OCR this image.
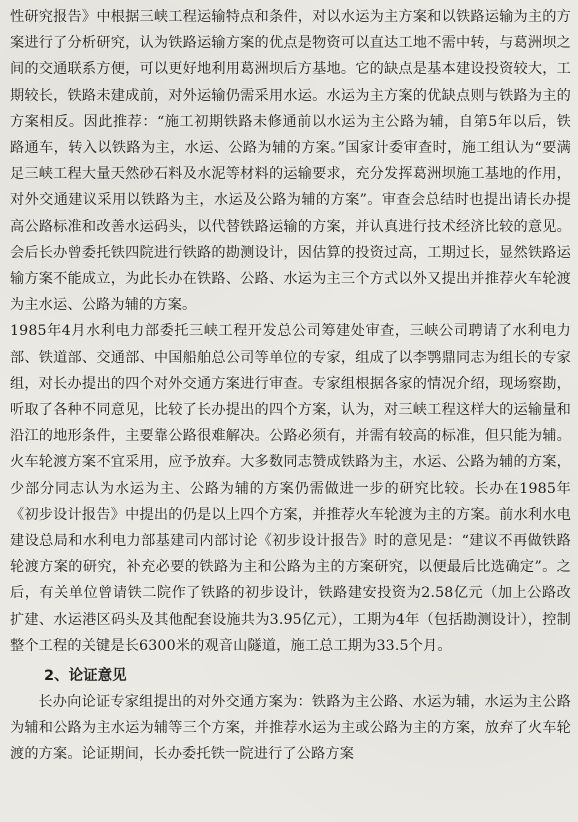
性研究报告》中根据三峡工程运输特点和条件，对以水运为主方案和以铁路运输为主的方案进行了分析研究，认为铁路运输方案的优点是物资可以直达工地不需中转，与葛洲坝之间的交通联系方便，可以更好地利用葛洲坝后方基地。它的缺点是基本建设投资较大，工期较长，铁路未建成前，对外运输仍需采用水运。水运为主方案的优缺点则与铁路为主的方案相反。因此推荐：“施工初期铁路未修通前以水运为主公路为辅，自第5年以后，铁路通车，转入以铁路为主，水运、公路为辅的方案。”国家计委审查时，施工组认为“要满足三峡工程大量天然砂石料及水泥等材料的运输要求，充分发挥葛洲坝施工基地的作用，对外交通建议采用以铁路为主，水运及公路为辅的方案”。审查会总结时也提出请长办提高公路标准和改善水运码头，以代替铁路运输的方案，并认真进行技术经济比较的意见。会后长办曾委托铁四院进行铁路的勘测设计，因估算的投资过高，工期过长，显然铁路运输方案不能成立，为此长办在铁路、公路、水运为主三个方式以外又提出并推荐火车轮渡为主水运、公路为辅的方案。

1985年4月水利电力部委托三峡工程开发总公司筹建处审查，三峡公司聘请了水利电力部、铁道部、交通部、中国船舶总公司等单位的专家，组成了以李鹗鼎同志为组长的专家组，对长办提出的四个对外交通方案进行审查。专家组根据各家的情况介绍，现场察勘，听取了各种不同意见，比较了长办提出的四个方案，认为，对三峡工程这样大的运输量和沿江的地形条件，主要靠公路很难解决。公路必须有，并需有较高的标准，但只能为辅。火车轮渡方案不宜采用，应予放弃。大多数同志赞成铁路为主，水运、公路为辅的方案，少部分同志认为水运为主、公路为辅的方案仍需做进一步的研究比较。长办在1985年《初步设计报告》中提出的仍是以上四个方案，并推荐火车轮渡为主的方案。前水利水电建设总局和水利电力部基建司内部讨论《初步设计报告》时的意见是：“建议不再做铁路轮渡方案的研究，补充必要的铁路为主和公路为主的方案研究，以便最后比选确定”。之后，有关单位曾请铁二院作了铁路的初步设计，铁路建安投资为2.58亿元（加上公路改扩建、水运港区码头及其他配套设施共为3.95亿元），工期为4年（包括勘测设计），控制整个工程的关键是长6300米的观音山隧道，施工总工期为33.5个月。

2、论证意见

长办向论证专家组提出的对外交通方案为：铁路为主公路、水运为辅，水运为主公路为辅和公路为主水运为辅等三个方案，并推荐水运为主或公路为主的方案，放弃了火车轮渡的方案。论证期间，长办委托铁一院进行了公路方案
